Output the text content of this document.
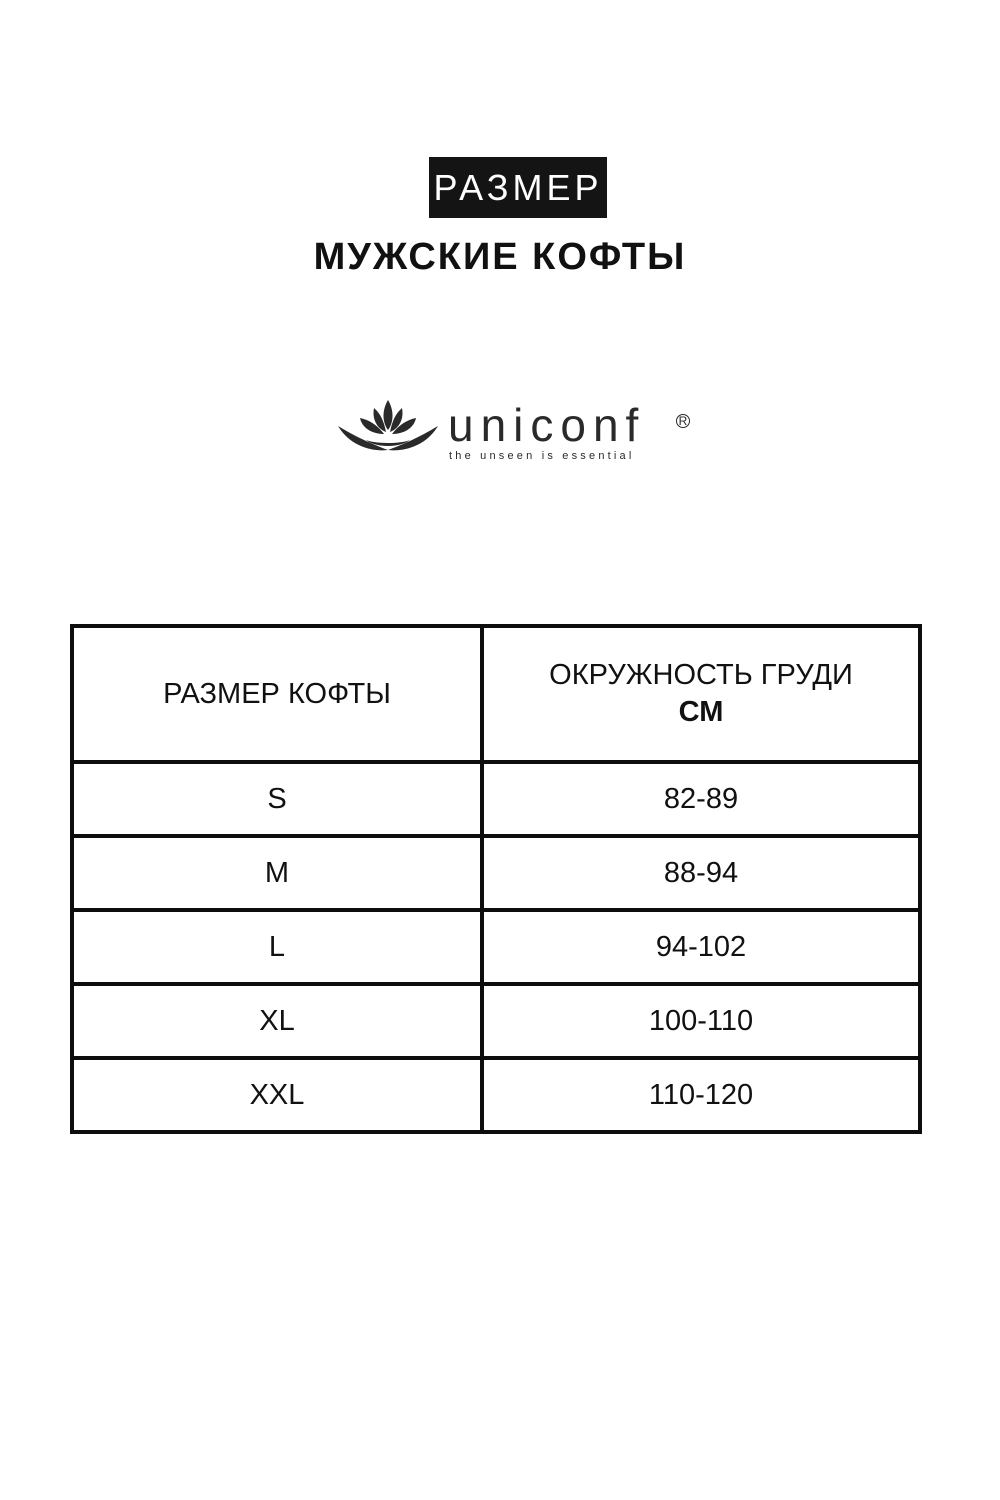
РАЗМЕР
МУЖСКИЕ КОФТЫ
uniconf	R
the unseen is essential
РАЗМЕР КОФТЫ	ОКРУЖНОСТЬ ГРУДИ
СМ

S	82-89
M	88-94
L	94-102
XL	100-110
XXL	110-120
